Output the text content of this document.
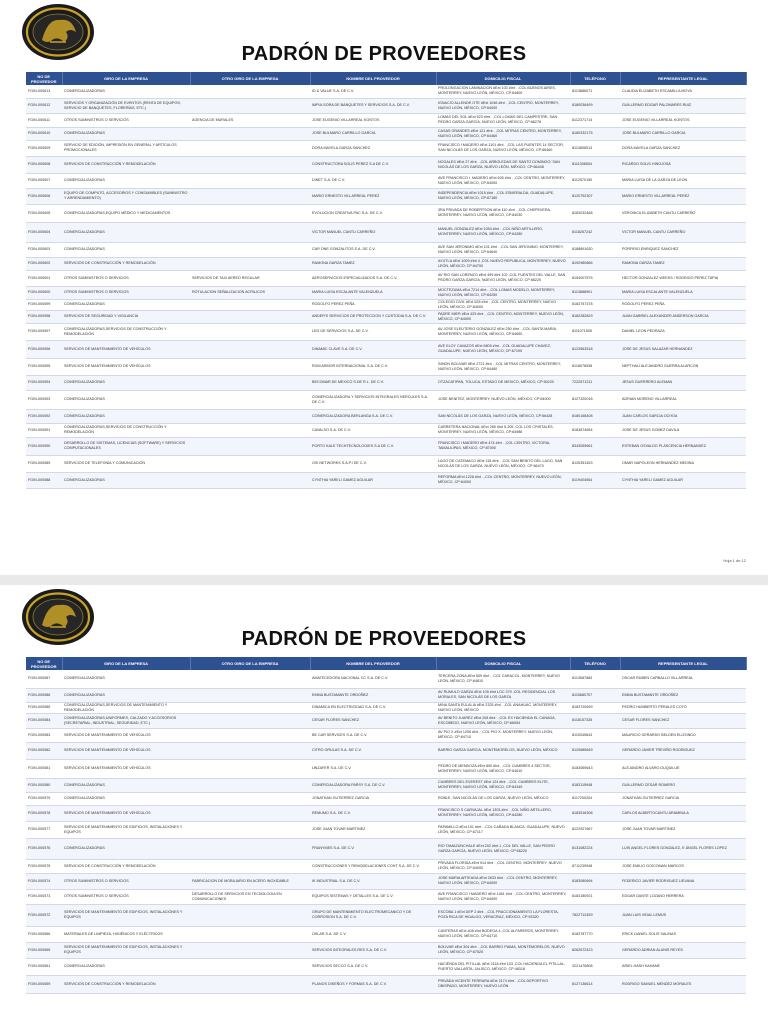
PADRÓN DE PROVEEDORES
NO DE PROVEEDOR	GIRO DE LA EMPRESA	OTRO GIRO DE LA EMPRESA	NOMBRE DEL PROVEEDOR	DOMICILIO FISCAL	TELÉFONO	REPRESENTANTE LEGAL
FGIN-000613	COMERCIALIZADORAS		ID & VALUE S.A. DE C.V.	PROLONGACION LAMINACION #Ext 103 #Int . ,COL BUENOS AIRES, MONTERREY, NUEVO LEÓN, MÉXICO, CP:64800	8113886071	CLAUDIA ELIZABETH ESCAMILLA MOYA
FGIN-000612	SERVICIOS Y ORGANIZACIÓN DE EVENTOS (RENTA DE EQUIPOS, SERVICIO DE BANQUETES, FLORERÍAS, ETC.)		IMPULSORA DE BANQUETES Y SERVICIOS S.A. DE C.V.	IGNACIO ALLENDE OTE #Ext 1046 #Int . ,COL CENTRO, MONTERREY, NUEVO LEÓN, MÉXICO, CP:64000	8180036499	GUILLERMO EDGAR PALOMARES RUIZ
FGIN-000611	OTROS SUMINISTROS O SERVICIOS	AGENCIA DE MURALES	JOSE EUGENIO VILLARREAL KONTOS	LOMAS DEL SOL #Ext 523 #Int . ,COL LOMAS DEL CAMPESTRE, SAN PEDRO GARZA GARCÍA, NUEVO LEÓN, MÉXICO, CP:66278	8112371714	JOSE EUGENIO VILLARREAL KONTOS
FGIN-000610	COMERCIALIZADORAS		JOSE BULMARO CARRILLO GARCIA	CASAS GRANDES #Ext 121 #Int . ,COL MITRAS CENTRO, MONTERREY, NUEVO LEÓN, MÉXICO, CP:64460	8180332175	JOSE BULMARO CARRILLO GARCIA
FGIN-000609	SERVICIO DE EDICIÓN, IMPRESIÓN EN GENERAL Y ARTÍCULOS PROMOCIONALES		DORA MAYELA GARZA SANCHEZ	FRANCISCO I MADERO #Ext 1101 #Int . ,COL LAS PUENTES 14 SECTOR, SAN NICOLÁS DE LOS GARZA, NUEVO LEÓN, MÉXICO, CP:66460	8113806513	DORA MAYELA GARZA SANCHEZ
FGIN-000608	SERVICIOS DE CONSTRUCCIÓN Y REMODELACIÓN		CONSTRUCTORA SOLIS PEREZ S.A DE C.V.	NOGALES #Ext 27 #Int . ,COL ARBOLEDAS DE SANTO DOMINGO, SAN NICOLÁS DE LOS GARZA, NUEVO LEÓN, MÉXICO, CP:66448	8111306504	RICARDO SOLIS HINOJOSA
FGIN-000607	COMERCIALIZADORAS		DINET S.A. DE C.V.	AVE FRANCISCO I. MADERO #Ext 626 #Int . ,COL CENTRO, MONTERREY, NUEVO LEÓN, MÉXICO, CP:64000	8112570150	MARIA LUISA DE LA GARZA DE LEON
FGIN-000606	EQUIPO DE COMPUTO, ACCESORIOS Y CONSUMIBLES (SUMINISTRO Y ARRENDAMIENTO)		MARIO ERNESTO VILLARREAL PEREZ	INDEPENDENCIA #Ext 1015 #Int . ,COL ESMERALDA, GUADALUPE, NUEVO LEÓN, MÉXICO, CP:67180	8120792307	MARIO ERNESTO VILLARREAL PEREZ
FGIN-000605	COMERCIALIZADORAS,EQUIPO MÉDICO Y MEDICAMENTOS		EVOLUCION CREATIVA PAC S.A. DE C.V.	3RA PRIVADA DE ROBERTSON #Ext 110 #Int . ,COL CHEPEVERA, MONTERREY, NUEVO LEÓN, MÉXICO, CP:64030	8183032468	VERONICA ELIZABETH CANTU CARREÑO
FGIN-000604	COMERCIALIZADORAS		VICTOR MANUEL CANTU CARREÑO	MANUEL GONZALEZ #Ext 1054 #Int . ,COL NIÑO ARTILLERO, MONTERREY, NUEVO LEÓN, MÉXICO, CP:64280	8118267242	VICTOR MANUEL CANTU CARREÑO
FGIN-000603	COMERCIALIZADORAS		CAR ONE GONZALITOS S.A. DE C.V.	AVE SAN JERONIMO #Ext 101 #Int . ,COL SAN JERONIMO, MONTERREY, NUEVO LEÓN, MÉXICO, CP:64640	8188891630	PORFIRIO ENRIQUEZ SANCHEZ
FGIN-000602	SERVICIOS DE CONSTRUCCIÓN Y REMODELACIÓN		RAMONA GARZA TAMEZ	AYUTLA #Ext 1009 #Int 4 ,COL NUEVO REPUBLICA, MONTERREY, NUEVO LEÓN, MÉXICO, CP:64700	8192980866	RAMONA GARZA TAMEZ
FGIN-000601	OTROS SUMINISTROS O SERVICIOS	SERVICIOS DE TAXI AEREO REGULAR	AEROSERVICIOS ESPECIALIZADOS S.A. DE C.V.	AV RIO SAN LORENZO #Ext 499 #Int 102 ,COL FUENTES DEL VALLE, SAN PEDRO GARZA GARCÍA, NUEVO LEÓN, MÉXICO, CP:66220	8154007575	HECTOR GONZALEZ WEEKS / RODRIGO PEREZ TAPIA
FGIN-000600	OTROS SUMINISTROS O SERVICIOS	ROTULACION SEÑALIZACION ACRILICOS	MARIA LUISA ESCALANTE VALENZUELA	MOCTEZUMA #Ext 7214 #Int . ,COL LOMAS MODELO, MONTERREY, NUEVO LEÓN, MÉXICO, CP:64250	8113888901	MARIA LUISA ESCALANTE VALENZUELA
FGIN-000599	COMERCIALIZADORAS		RODOLFO PEREZ PEÑA	COLEGIO CIVIL #Ext 528 #Int . ,COL CENTRO, MONTERREY, NUEVO LEÓN, MÉXICO, CP:64000	8183757378	RODOLFO PEREZ PEÑA
FGIN-000598	SERVICIOS DE SEGURIDAD Y VIGILANCIA		ANDER'S SERVICIOS DE PROTECCION Y CUSTODIA S.A. DE C.V.	PADRE MIER #Ext 425 #Int . ,COL CENTRO, MONTERREY, NUEVO LEÓN, MÉXICO, CP:64000	8182282829	JUAN GABRIEL ALEXANDER ANDERSON GARCIA
FGIN-000597	COMERCIALIZADORAS,SERVICIOS DE CONSTRUCCIÓN Y REMODELACIÓN		LED GE SERVICIOS S.A. DE C.V.	AV JOSE ELEUTERIO GONZALEZ #Ext 250 #Int . ,COL SANTA MARIA, MONTERREY, NUEVO LEÓN, MÉXICO, CP:64650	8111071505	DANIEL LEON PEDRAZA
FGIN-000596	SERVICIOS DE MANTENIMIENTO DE VEHÍCULOS		DINAMIC CLAVE S.A. DE C.V.	AVE ELOY CAVAZOS #Ext 5805 #Int . ,COL GUADALUPE CHAVEZ, GUADALUPE, NUEVO LEÓN, MÉXICO, CP:67190	8123563518	JOSE DE JESUS SALAZAR HERNANDEZ
FGIN-000595	SERVICIOS DE MANTENIMIENTO DE VEHÍCULOS		RGM ARMOR INTERNACIONAL S.A. DE C.V.	SIMON BOLIVAR #Ext 2721 #Int . ,COL MITRAS CENTRO, MONTERREY, NUEVO LEÓN, MÉXICO, CP:64460	8118076538	NEPTHALI ALEJANDRO GUERRA ALARCON
FGIN-000594	COMERCIALIZADORAS		BECOMAR DE MEXICO S.DE R.L. DE C.V.	OTZACATIPAN, TOLUCA, ESTADO DE MEXICO, MÉXICO, CP:50220	7222571211	JESUS GUERRERO ALEMAN
FGIN-000593	COMERCIALIZADORAS		COMERCIALIZADORA Y SERVICIOS INTEGRALES HERCULES S.A. DE C.V.	JOSE BENITEZ, MONTERREY, NUEVO LEÓN, MÉXICO, CP:64000	8127320018	ADRIAN MORENO VILLARREAL
FGIN-000592	COMERCIALIZADORAS		COMERCIALIZADORA BERLANGA S.A. DE C.V.	SAN NICOLÁS DE LOS GARZA, NUEVO LEÓN, MÉXICO, CP:66428	8180168408	JUAN CARLOS GARCIA OCHOA
FGIN-000591	COMERCIALIZADORAS,SERVICIOS DE CONSTRUCCIÓN Y REMODELACIÓN		CAVALSO S.A. DE C.V.	CARRETERA NACIONAL #Ext 265 #Int 5-205 ,COL LOS CRISTALES, MONTERREY, NUEVO LEÓN, MÉXICO, CP:64986	8183874654	JOSE DE JESUS GOMEZ DAVILA
FGIN-000590	DESARROLLO DE SISTEMAS, LICENCIAS (SOFTWARE) Y SERVICIOS COMPUTACIONALES		PORTO KALE TECHTECNOLOGIES S.A DE C.V.	FRANCISCO I MADERO #Ext 474 #Int . ,COL CENTRO, VICTORIA, TAMAULIPAS, MÉXICO, CP:87000	8343059661	ESTEBAN OSVALDO PLASCENCIA HERNANDEZ
FGIN-000589	SERVICIOS DE TELEFONÍA Y COMUNICACIÓN		OSI NETWORKS S.A.P.I DE C.V.	LAGO DE CATEMACO #Ext 115 #Int . ,COL SAN BENITO DEL LAGO, SAN NICOLÁS DE LOS GARZA, NUEVO LEÓN, MÉXICO, CP:66470	8125351453	OMAR NAPOLEON HERNANDEZ MEDINA
FGIN-000588	COMERCIALIZADORAS		CYNTHIA YARELI GAMEZ AGUILAR	REFORMA #Ext 1228 #Int . ,COL CENTRO, MONTERREY, NUEVO LEÓN, MÉXICO, CP:64000	8119404564	CYNTHIA YARELI GAMEZ AGUILAR
Hoja 1 de 12
PADRÓN DE PROVEEDORES
NO DE PROVEEDOR	GIRO DE LA EMPRESA	OTRO GIRO DE LA EMPRESA	NOMBRE DEL PROVEEDOR	DOMICILIO FISCAL	TELÉFONO	REPRESENTANTE LEGAL
FGIN-000587	COMERCIALIZADORAS		AMATECEDORA NACIONAL CC S.A. DE C.V.	TERCERA ZONA #Ext 509 #Int . ,COL CARACOL, MONTERREY, NUEVO LEÓN, MÉXICO, CP:64810	8113587884	OSCAR RUBEN CARBALLO VILLARREAL
FGIN-000586	COMERCIALIZADORAS		EMMA BUSTAMANTE ORDOÑEZ	AV RUMULO GARZA #Ext 105 #Int LOC 379 ,COL RESIDENCIAL LOS MORALES, SAN NICOLÁS DE LOS GARZA	8115680707	EMMA BUSTAMANTE ORDOÑEZ
FGIN-000585	COMERCIALIZADORAS,SERVICIOS DE MANTENIMIENTO Y REMODELACIÓN		DINAMICA EN ELECTRICIDAD S.A. DE C.V.	MINA SANTA EULALIA #Ext 2325 #Int . ,COL ANAHUAC, MONTERREY, NUEVO LEÓN, MÉXICO	8183720699	PEDRO HUMBERTO PERALES COTO
FGIN-000584	COMERCIALIZADORAS,UNIFORMES, CALZADO Y ACCESORIOS (SECRETARIAL, INDUSTRIAL, SEGURIDAD, ETC.)		CESAR FLORES SANCHEZ	AV BENITO JUAREZ #Ext 208 #Int . ,COL EX HACIENDA EL CANADA, ESCOBEDO, NUEVO LEÓN, MÉXICO, CP:66054	8118157335	CESAR FLORES SANCHEZ
FGIN-000583	SERVICIOS DE MANTENIMIENTO DE VEHÍCULOS		BE CAR SERVICES S.A. DE C.V.	AV PIO X #Ext 1206 #Int . ,COL PIO X, MONTERREY, NUEVO LEÓN, MÉXICO, CP:64710	8115345643	MAURICIO GERARDO BELDEN ELIZONDO
FGIN-000582	SERVICIOS DE MANTENIMIENTO DE VEHÍCULOS		CITRO GRULAS S.A. DE C.V.	BARRIO GARZA GARCIA, MONTEMORELOS, NUEVO LEÓN, MÉXICO	8120685649	GERARDO JAVIER TREVIÑO RODRIGUEZ
FGIN-000581	SERVICIOS DE MANTENIMIENTO DE VEHÍCULOS		UNZAFER S.A. DE C.V.	PEDRO DE MENDOZA #Ext 800 #Int . ,COL CUMBRES 4 SECTOR, MONTERREY, NUEVO LEÓN, MÉXICO, CP:64610	8183069643	ALEJANDRO ALVARO DUQUILUE
FGIN-000580	COMERCIALIZADORAS		COMERCIALIZADORA PARSY S.A. DE C.V.	CUMBRES DEL EVEREST #Ext 124 #Int . ,COL CUMBRES ELITE, MONTERREY, NUEVO LEÓN, MÉXICO, CP:64349	8183115948	GUILLERMO CESAR ROMERO
FGIN-000579	COMERCIALIZADORAS		JONATHAN GUTIERREZ GARCIA	ROBLE, SAN NICOLÁS DE LOS GARZA, NUEVO LEÓN, MÉXICO	8117200204	JONATHAN GUTIERREZ GARCIA
FGIN-000578	SERVICIOS DE MANTENIMIENTO DE VEHÍCULOS		REMUMO S.A. DE C.V.	FRANCISCO S CARVAJAL #Ext 1303 #Int . ,COL NIÑO ARTILLERO, MONTERREY, NUEVO LEÓN, MÉXICO, CP:64280	8183516308	CARLOS ALBERTOCANTU ARAMBULA
FGIN-000577	SERVICIOS DE MANTENIMIENTO DE EDIFICIOS, INSTALACIONES Y EQUIPOS		JOSE JUAN TOVAR MARTINEZ	PAPAMILLO #Ext 101 #Int . ,COL CAÑADA BLANCA, GUADALUPE, NUEVO LEÓN, MÉXICO, CP:67117	8122927667	JOSE JUAN TOVAR MARTINEZ
FGIN-000576	COMERCIALIZADORAS		FRANYMES S.A. DE C.V.	RIO TAMAZUNCHALE #Ext 202 #Int 1 ,COL DEL VALLE, SAN PEDRO GARZA GARCÍA, NUEVO LEÓN, MÉXICO, CP:66220	8131082224	LUIS ANGEL FLORES GONZALEZ, E ÁNGEL FLORES LOPEZ
FGIN-000575	SERVICIOS DE CONSTRUCCIÓN Y REMODELACIÓN		CONSTRUCCIONES Y REMODELACIONES COHT S.A. DE C.V.	PRIVADA FLORIDA #Ext 914 #Int . ,COL CENTRO, MONTERREY, NUEVO LEÓN, MÉXICO, CP:64000	8711239948	JOSE EMILIO GOICOMAN MARCOS
FGIN-000574	OTROS SUMINISTROS O SERVICIOS	FABRICACION DE MOBILIARIO EN ACERO INOXIDABLE	IK INDUSTRIAL S.A. DE C.V.	JOSE MARIA ARTEAGA #Ext 2633 #Int . ,COL CENTRO, MONTERREY, NUEVO LEÓN, MÉXICO, CP:64000	8183080694	FEDERICO JAVIER RODRIGUEZ LIEVANA
FGIN-000573	OTROS SUMINISTROS O SERVICIOS	DESARROLLO DE SERVICIOS EN TECNOLOGIA EN COMUNICACIONES	EQUIPOS SISTEMAS Y DETALLES S.A. DE C.V.	AVE FRANCISCO I MADERO #Ext 1461 #Int . ,COL CENTRO, MONTERREY, NUEVO LEÓN, MÉXICO, CP:64000	8183180921	EDGAR DANTE LOZANO HERRERA
FGIN-000572	SERVICIOS DE MANTENIMIENTO DE EDIFICIOS, INSTALACIONES Y EQUIPOS		GRUPO DE MANTENIMIENTO ELECTROMECANICO Y DE CORROSION S.A. DE C.V.	ESCOBA 1 #Ext DEP 2 #Int . ,COL FRACCIONAMIENTO LA FLORESTA, POZA RICA DE HIDALGO, VERACRUZ, MÉXICO, CP:93320	7822712459	JUAN LUIS VIDAL LEMUS
FGIN-000566	MATERIALES DE LIMPIEZA, HIGIÉNICOS Y ELÉCTRICOS		OKLAR S.A. DE C.V.	CANTERAS #Ext 408 #Int BODEGA 4 ,COL ALFAREROS, MONTERREY, NUEVO LEÓN, MÉXICO, CP:64710	8183787770	ERICK DANIEL SOLIS SALINAS
FGIN-000565	SERVICIOS DE MANTENIMIENTO DE EDIFICIOS, INSTALACIONES Y EQUIPOS		SERVICIOS INTEGRALES RES S.A. DE C.V.	BOLIVAR #Ext 304 #Int . ,COL BARRIO PIAMA, MONTEMORELOS, NUEVO LEÓN, MÉXICO, CP:67520	8262672423	GERARDO ADRIAN ALANIS REYES
FGIN-000561	COMERCIALIZADORAS		SERVICIOS SECCO S.A. DE C.V.	HACIENDA DEL PITILLAL #Ext 2118 #Int 103 ,COL HACIENDA EL PITILLAL, PUERTO VALLARTA, JALISCO, MÉXICO, CP:48318	3221476808	ARIEL HASH KAHANE
FGIN-000559	SERVICIOS DE CONSTRUCCIÓN Y REMODELACIÓN		PLANOS DISEÑOS Y FORMAS S.A. DE C.V.	PRIVADA VICENTE FERRARA #Ext 2174 #Int . ,COL DEPORTIVO OBISPADO, MONTERREY, NUEVO LEÓN	8127136614	RODRIGO SAMUEL MENDEZ MORALES
